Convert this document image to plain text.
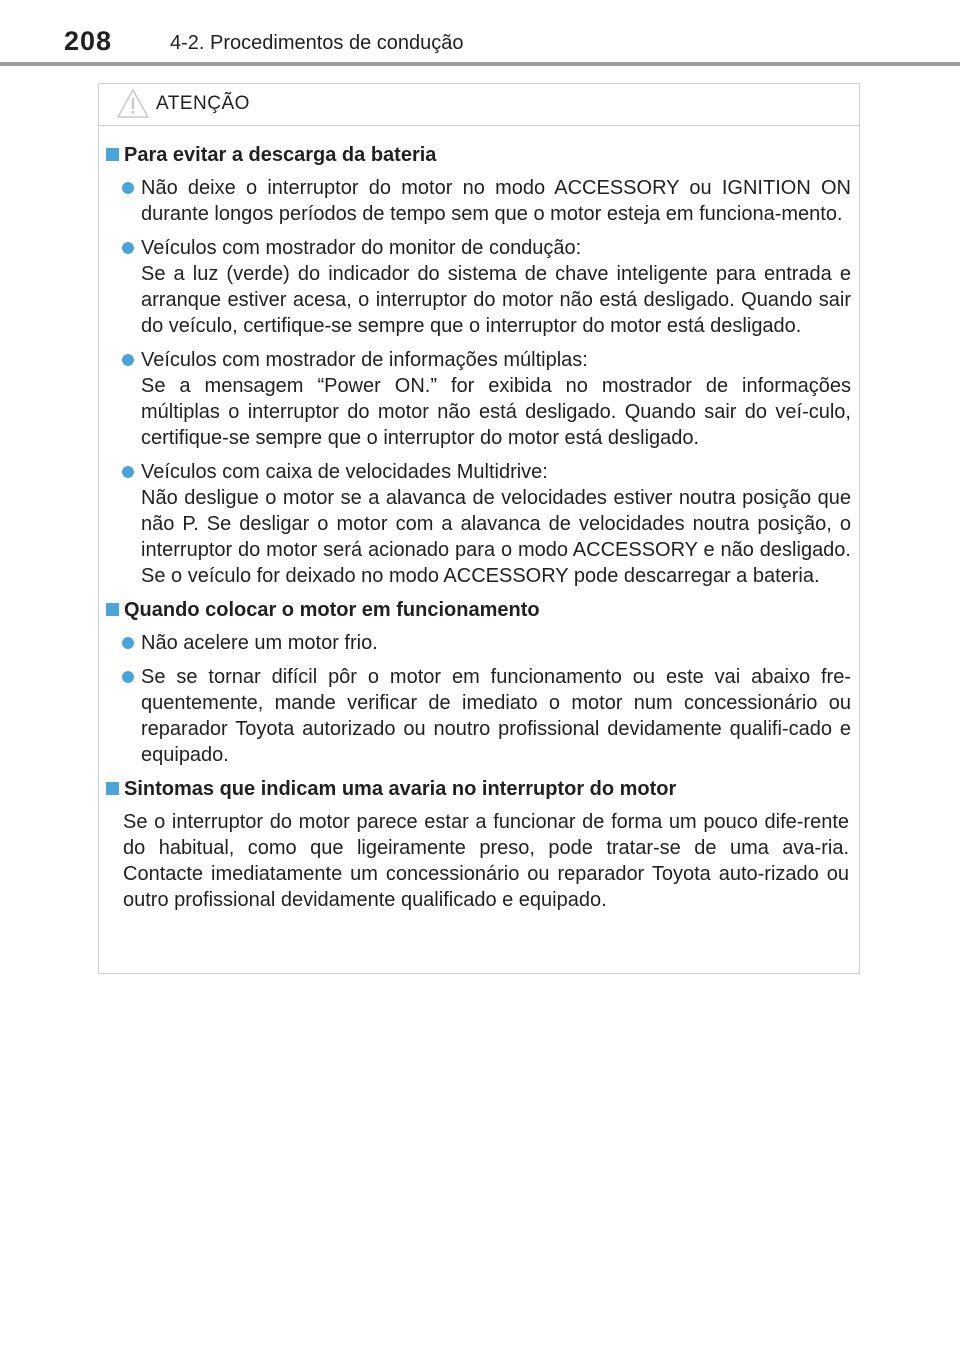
208	4-2. Procedimentos de condução
ATENÇÃO
Para evitar a descarga da bateria

Não deixe o interruptor do motor no modo ACCESSORY ou IGNITION ON durante longos períodos de tempo sem que o motor esteja em funciona-mento.

Veículos com mostrador do monitor de condução:

Se a luz (verde) do indicador do sistema de chave inteligente para entrada e arranque estiver acesa, o interruptor do motor não está desligado. Quando sair do veículo, certifique-se sempre que o interruptor do motor está desligado.

Veículos com mostrador de informações múltiplas:

Se a mensagem “Power ON.” for exibida no mostrador de informações múltiplas o interruptor do motor não está desligado. Quando sair do veí-culo, certifique-se sempre que o interruptor do motor está desligado.

Veículos com caixa de velocidades Multidrive:

Não desligue o motor se a alavanca de velocidades estiver noutra posição que não P. Se desligar o motor com a alavanca de velocidades noutra posição, o interruptor do motor será acionado para o modo ACCESSORY e não desligado. Se o veículo for deixado no modo ACCESSORY pode descarregar a bateria.

Quando colocar o motor em funcionamento

Não acelere um motor frio.

Se se tornar difícil pôr o motor em funcionamento ou este vai abaixo fre-quentemente, mande verificar de imediato o motor num concessionário ou reparador Toyota autorizado ou noutro profissional devidamente qualifi-cado e equipado.

Sintomas que indicam uma avaria no interruptor do motor

Se o interruptor do motor parece estar a funcionar de forma um pouco dife-rente do habitual, como que ligeiramente preso, pode tratar-se de uma ava-ria. Contacte imediatamente um concessionário ou reparador Toyota auto-rizado ou outro profissional devidamente qualificado e equipado.
